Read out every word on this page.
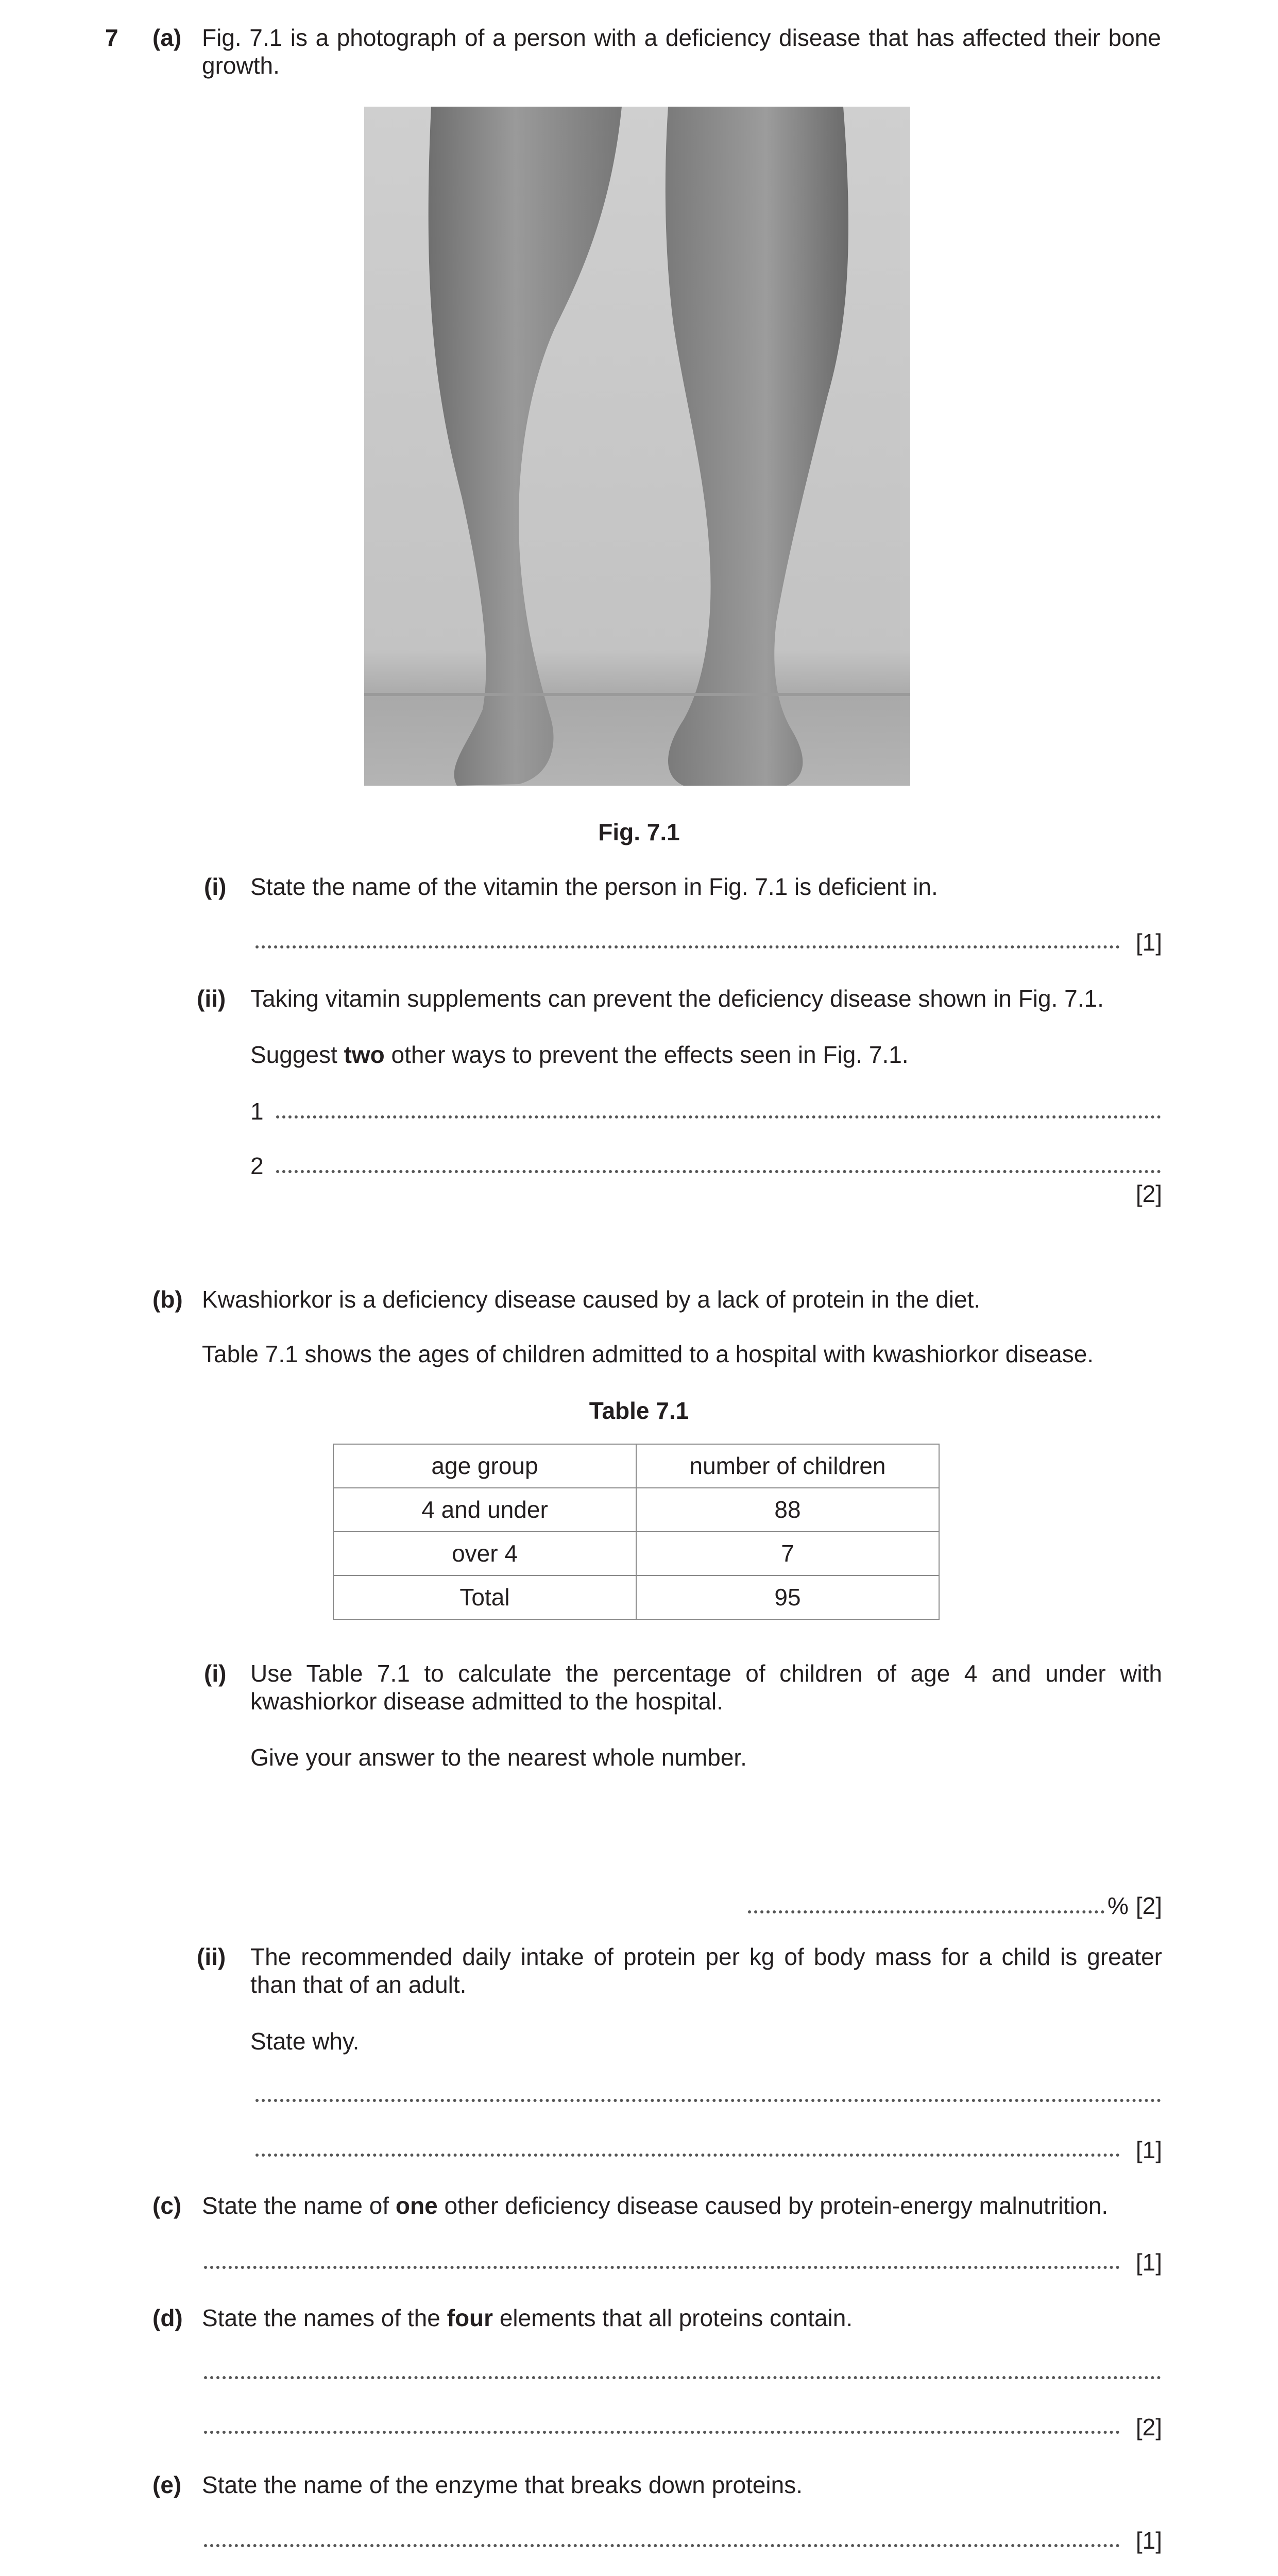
7 (a) Fig. 7.1 is a photograph of a person with a deficiency disease that has affected their bone growth.
Fig. 7.1
(i) State the name of the vitamin the person in Fig. 7.1 is deficient in.
[1]
(ii) Taking vitamin supplements can prevent the deficiency disease shown in Fig. 7.1.
Suggest two other ways to prevent the effects seen in Fig. 7.1.
1
2
[2]
(b) Kwashiorkor is a deficiency disease caused by a lack of protein in the diet.
Table 7.1 shows the ages of children admitted to a hospital with kwashiorkor disease.
Table 7.1
age group	number of children
4 and under	88
over 4	7
Total	95
(i) Use Table 7.1 to calculate the percentage of children of age 4 and under with kwashiorkor disease admitted to the hospital.
Give your answer to the nearest whole number.
% [2]
(ii) The recommended daily intake of protein per kg of body mass for a child is greater than that of an adult.
State why.
[1]
(c) State the name of one other deficiency disease caused by protein-energy malnutrition.
[1]
(d) State the names of the four elements that all proteins contain.
[2]
(e) State the name of the enzyme that breaks down proteins.
[1]
